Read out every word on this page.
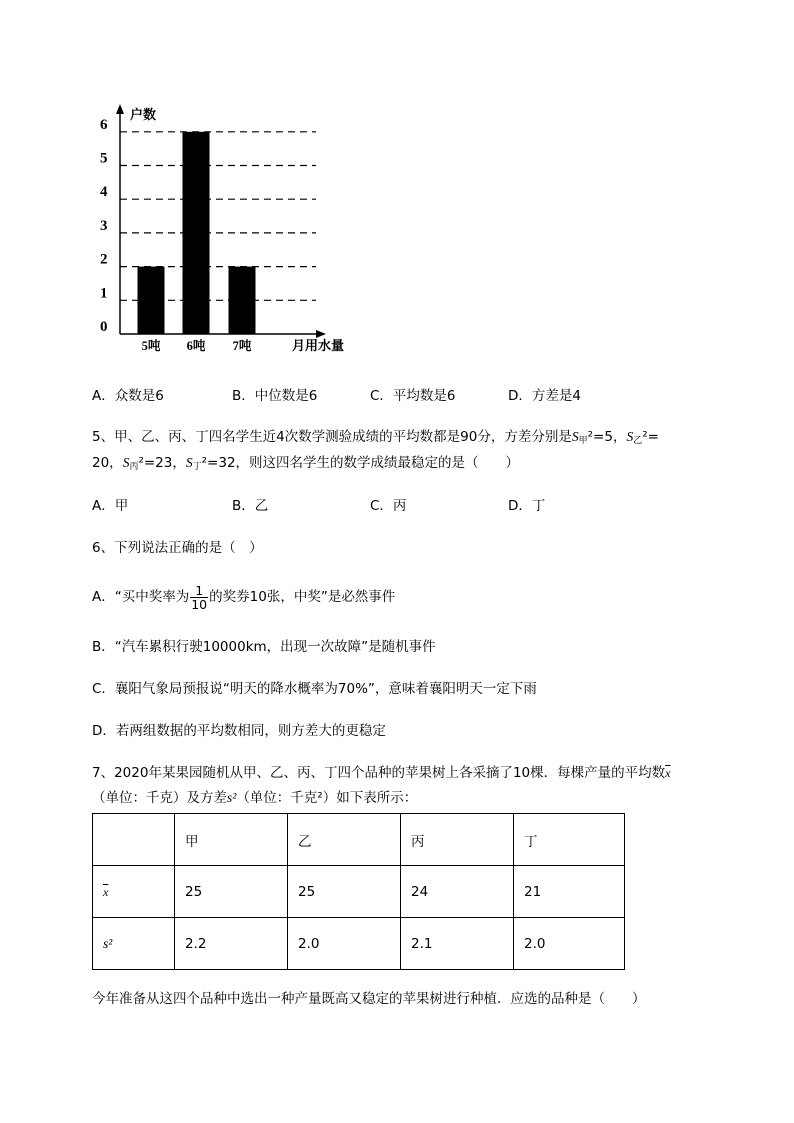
0
1
2
3
4
5
6
5吨 6吨 7吨
户数
月用水量
A．众数是6	B．中位数是6	C．平均数是6	D．方差是4
5、甲、乙、丙、丁四名学生近4次数学测验成绩的平均数都是90分，方差分别是$S_甲^2=5$，$S_乙^2=$
20，$S_丙^2=23$，$S_丁^2=32$，则这四名学生的数学成绩最稳定的是（　　）
A．甲	B．乙	C．丙	D．丁
6、下列说法正确的是（　）
A．“买中奖率为 $\frac{1}{10}$ 的奖券10张，中奖”是必然事件
B．“汽车累积行驶10000km，出现一次故障”是随机事件
C．襄阳气象局预报说“明天的降水概率为70%”，意味着襄阳明天一定下雨
D．若两组数据的平均数相同，则方差大的更稳定
7、2020年某果园随机从甲、乙、丙、丁四个品种的苹果树上各采摘了10棵．每棵产量的平均数$\overline{x}$
（单位：千克）及方差s²（单位：千克²）如下表所示：
	甲	乙	丙	丁
$\overline{x}$	25	25	24	21
s²	2.2	2.0	2.1	2.0
今年准备从这四个品种中选出一种产量既高又稳定的苹果树进行种植．应选的品种是（　　）
